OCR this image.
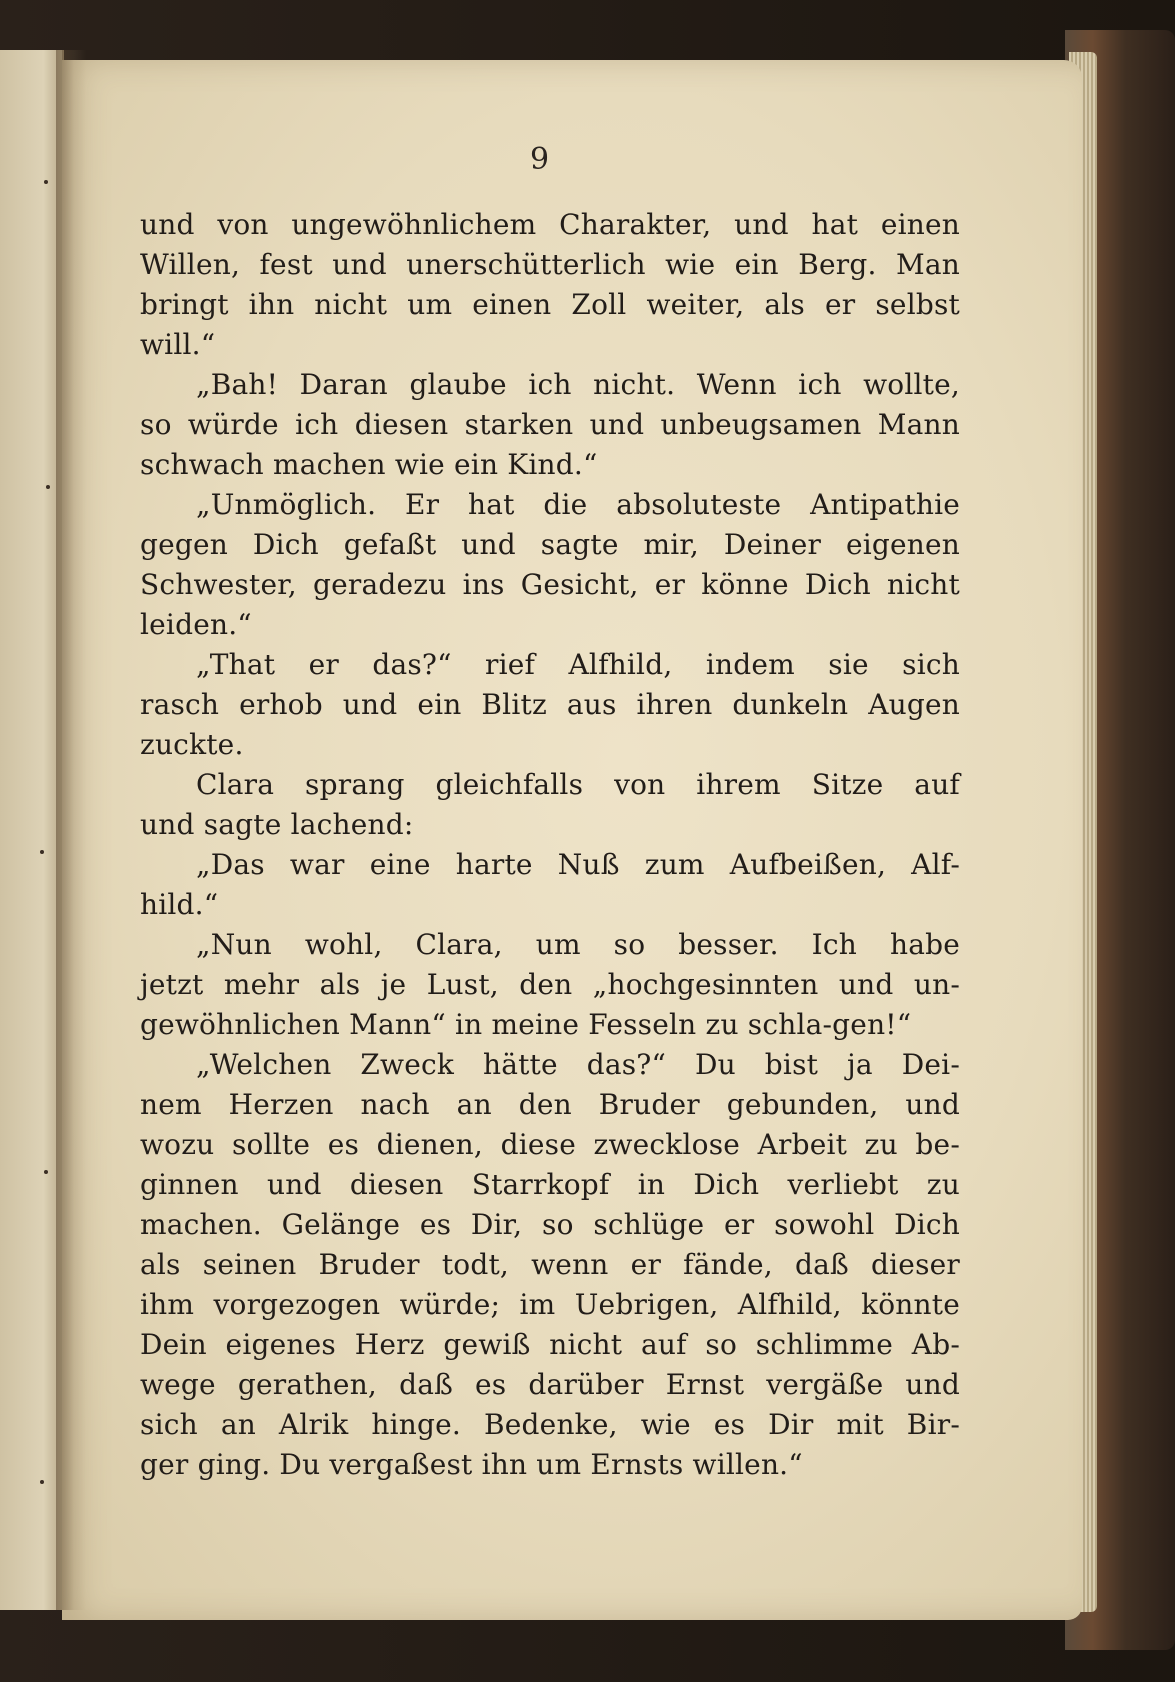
9

und von ungewöhnlichem Charakter, und hat einen
Willen, fest und unerschütterlich wie ein Berg. Man
bringt ihn nicht um einen Zoll weiter, als er selbst
will.“
„Bah! Daran glaube ich nicht. Wenn ich wollte,
so würde ich diesen starken und unbeugsamen Mann
schwach machen wie ein Kind.“
„Unmöglich. Er hat die absoluteste Antipathie
gegen Dich gefaßt und sagte mir, Deiner eigenen
Schwester, geradezu ins Gesicht, er könne Dich nicht
leiden.“
„That er das?“ rief Alfhild, indem sie sich
rasch erhob und ein Blitz aus ihren dunkeln Augen
zuckte.
Clara sprang gleichfalls von ihrem Sitze auf
und sagte lachend:
„Das war eine harte Nuß zum Aufbeißen, Alf-
hild.“
„Nun wohl, Clara, um so besser. Ich habe
jetzt mehr als je Lust, den „hochgesinnten und un-
gewöhnlichen Mann“ in meine Fesseln zu schla-gen!“
„Welchen Zweck hätte das?“ Du bist ja Dei-
nem Herzen nach an den Bruder gebunden, und
wozu sollte es dienen, diese zwecklose Arbeit zu be-
ginnen und diesen Starrkopf in Dich verliebt zu
machen. Gelänge es Dir, so schlüge er sowohl Dich
als seinen Bruder todt, wenn er fände, daß dieser
ihm vorgezogen würde; im Uebrigen, Alfhild, könnte
Dein eigenes Herz gewiß nicht auf so schlimme Ab-
wege gerathen, daß es darüber Ernst vergäße und
sich an Alrik hinge. Bedenke, wie es Dir mit Bir-
ger ging. Du vergaßest ihn um Ernsts willen.“
